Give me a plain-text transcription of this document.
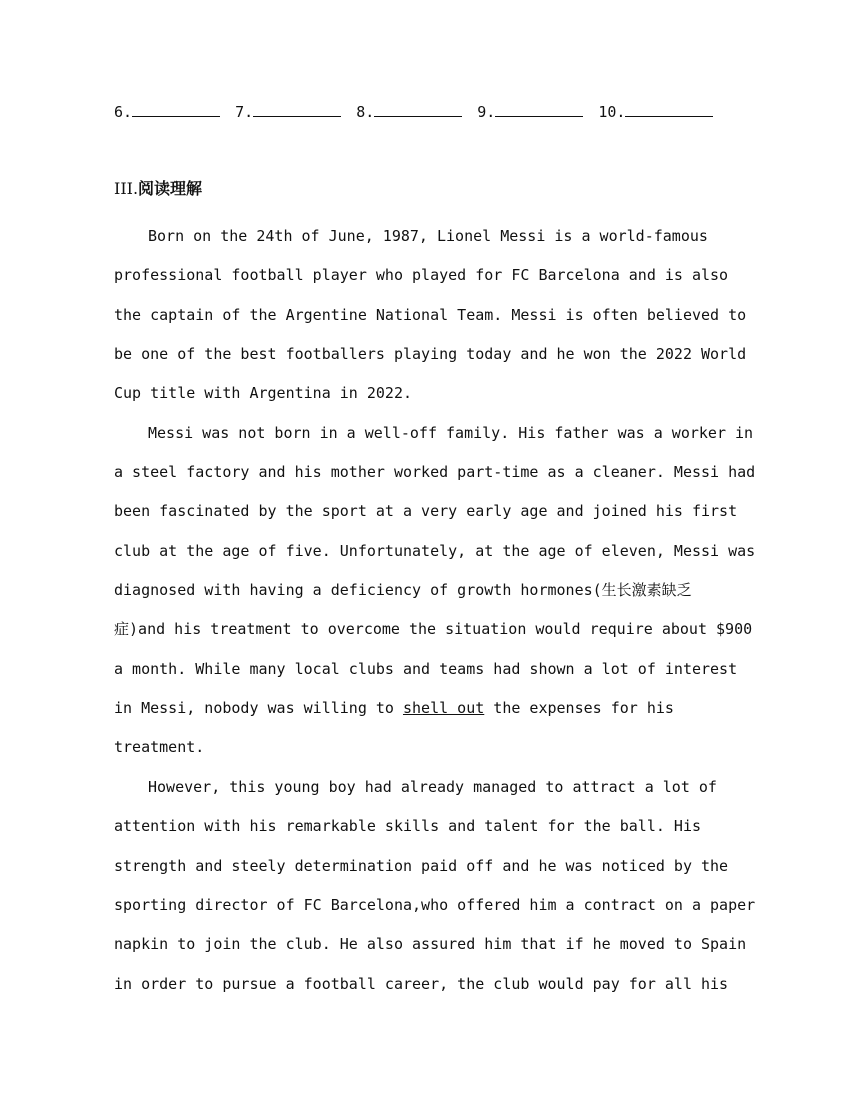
6.	7.	8.	9.	10.
III.阅读理解
Born on the 24th of June, 1987, Lionel Messi is a world-famous
professional football player who played for FC Barcelona and is also
the captain of the Argentine National Team. Messi is often believed to
be one of the best footballers playing today and he won the 2022 World
Cup title with Argentina in 2022.
Messi was not born in a well-off family. His father was a worker in
a steel factory and his mother worked part-time as a cleaner. Messi had
been fascinated by the sport at a very early age and joined his first
club at the age of five. Unfortunately, at the age of eleven, Messi was
diagnosed with having a deficiency of growth hormones(生长激素缺乏
症)and his treatment to overcome the situation would require about $900
a month. While many local clubs and teams had shown a lot of interest
in Messi, nobody was willing to shell out the expenses for his
treatment.
However, this young boy had already managed to attract a lot of
attention with his remarkable skills and talent for the ball. His
strength and steely determination paid off and he was noticed by the
sporting director of FC Barcelona,who offered him a contract on a paper
napkin to join the club. He also assured him that if he moved to Spain
in order to pursue a football career, the club would pay for all his
